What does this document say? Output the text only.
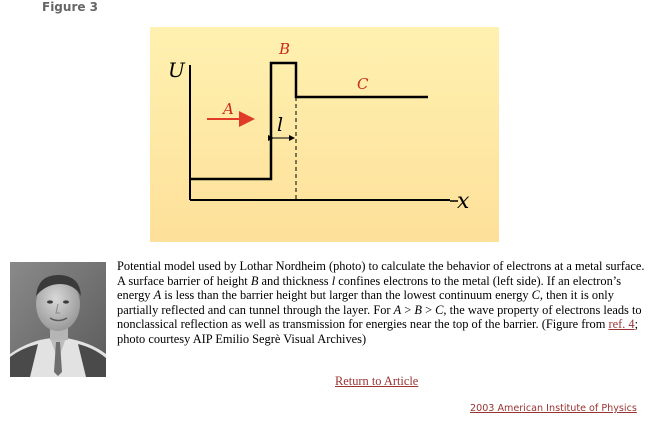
Figure 3
U
x
A
B
C
l

Potential model used by Lothar Nordheim (photo) to calculate the behavior of electrons at a metal surface. A surface barrier of height B and thickness l confines electrons to the metal (left side). If an electron’s energy A is less than the barrier height but larger than the lowest continuum energy C, then it is only partially reflected and can tunnel through the layer. For A > B > C, the wave property of electrons leads to nonclassical reflection as well as transmission for energies near the top of the barrier. (Figure from ref. 4; photo courtesy AIP Emilio Segrè Visual Archives)

Return to Article
2003 American Institute of Physics
